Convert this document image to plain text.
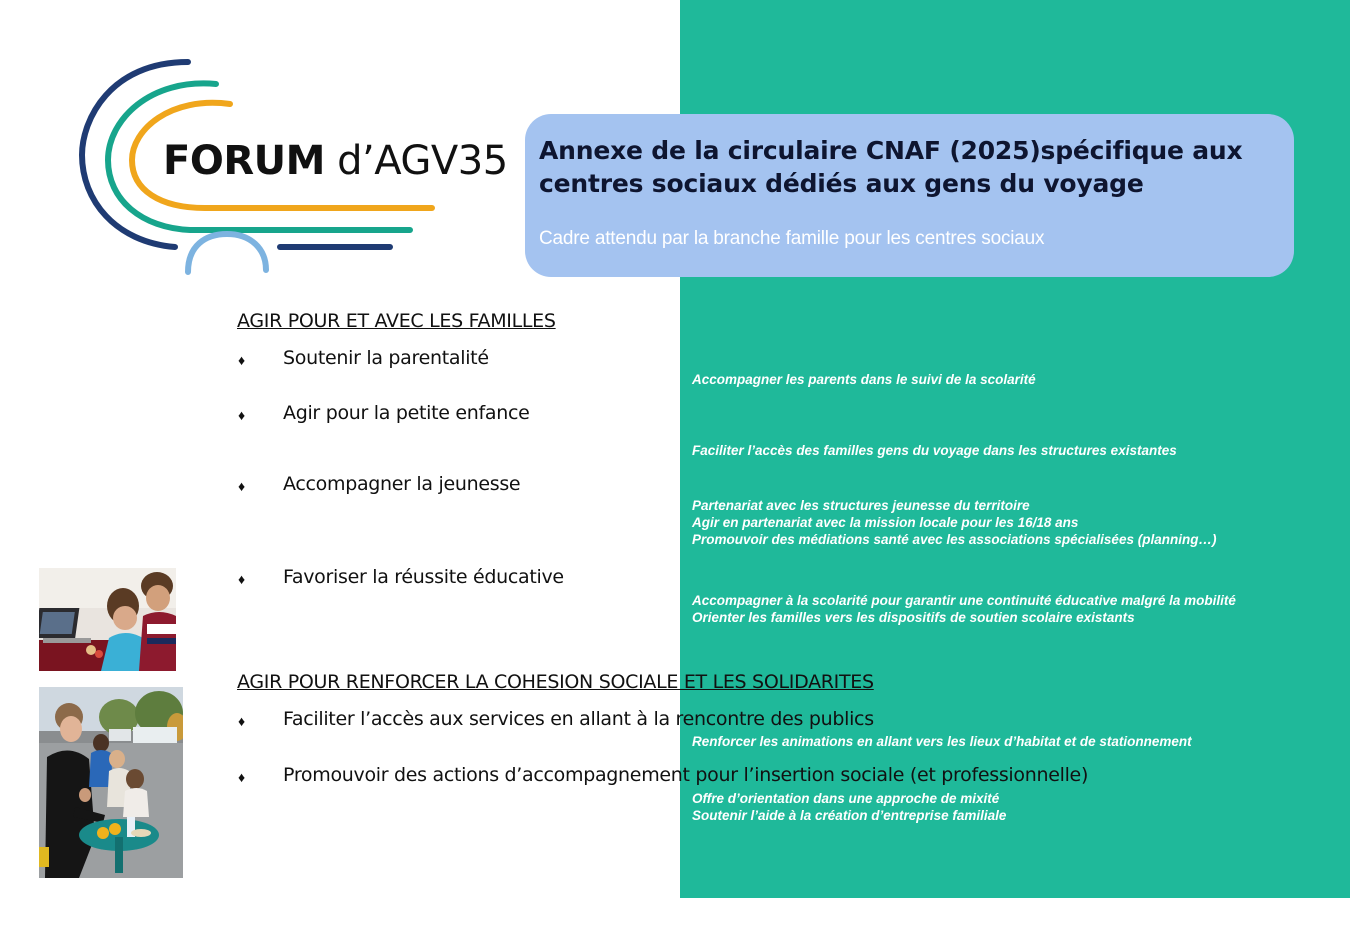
FORUM d’AGV35 Annexe de la circulaire CNAF (2025)spécifique aux centres sociaux dédiés aux gens du voyage
Cadre attendu par la branche famille pour les centres sociaux
AGIR POUR ET AVEC LES FAMILLES
♦ Soutenir la parentalité
Accompagner les parents dans le suivi de la scolarité
♦ Agir pour la petite enfance
Faciliter l’accès des familles gens du voyage dans les structures existantes
♦ Accompagner la jeunesse
Partenariat avec les structures jeunesse du territoire
Agir en partenariat avec la mission locale pour les 16/18 ans
Promouvoir des médiations santé avec les associations spécialisées (planning…)
♦ Favoriser la réussite éducative
Accompagner à la scolarité pour garantir une continuité éducative malgré la mobilité
Orienter les familles vers les dispositifs de soutien scolaire existants
AGIR POUR RENFORCER LA COHESION SOCIALE ET LES SOLIDARITES
♦ Faciliter l’accès aux services en allant à la rencontre des publics
Renforcer les animations en allant vers les lieux d’habitat et de stationnement
♦ Promouvoir des actions d’accompagnement pour l’insertion sociale (et professionnelle)
Offre d’orientation dans une approche de mixité
Soutenir l’aide à la création d’entreprise familiale
